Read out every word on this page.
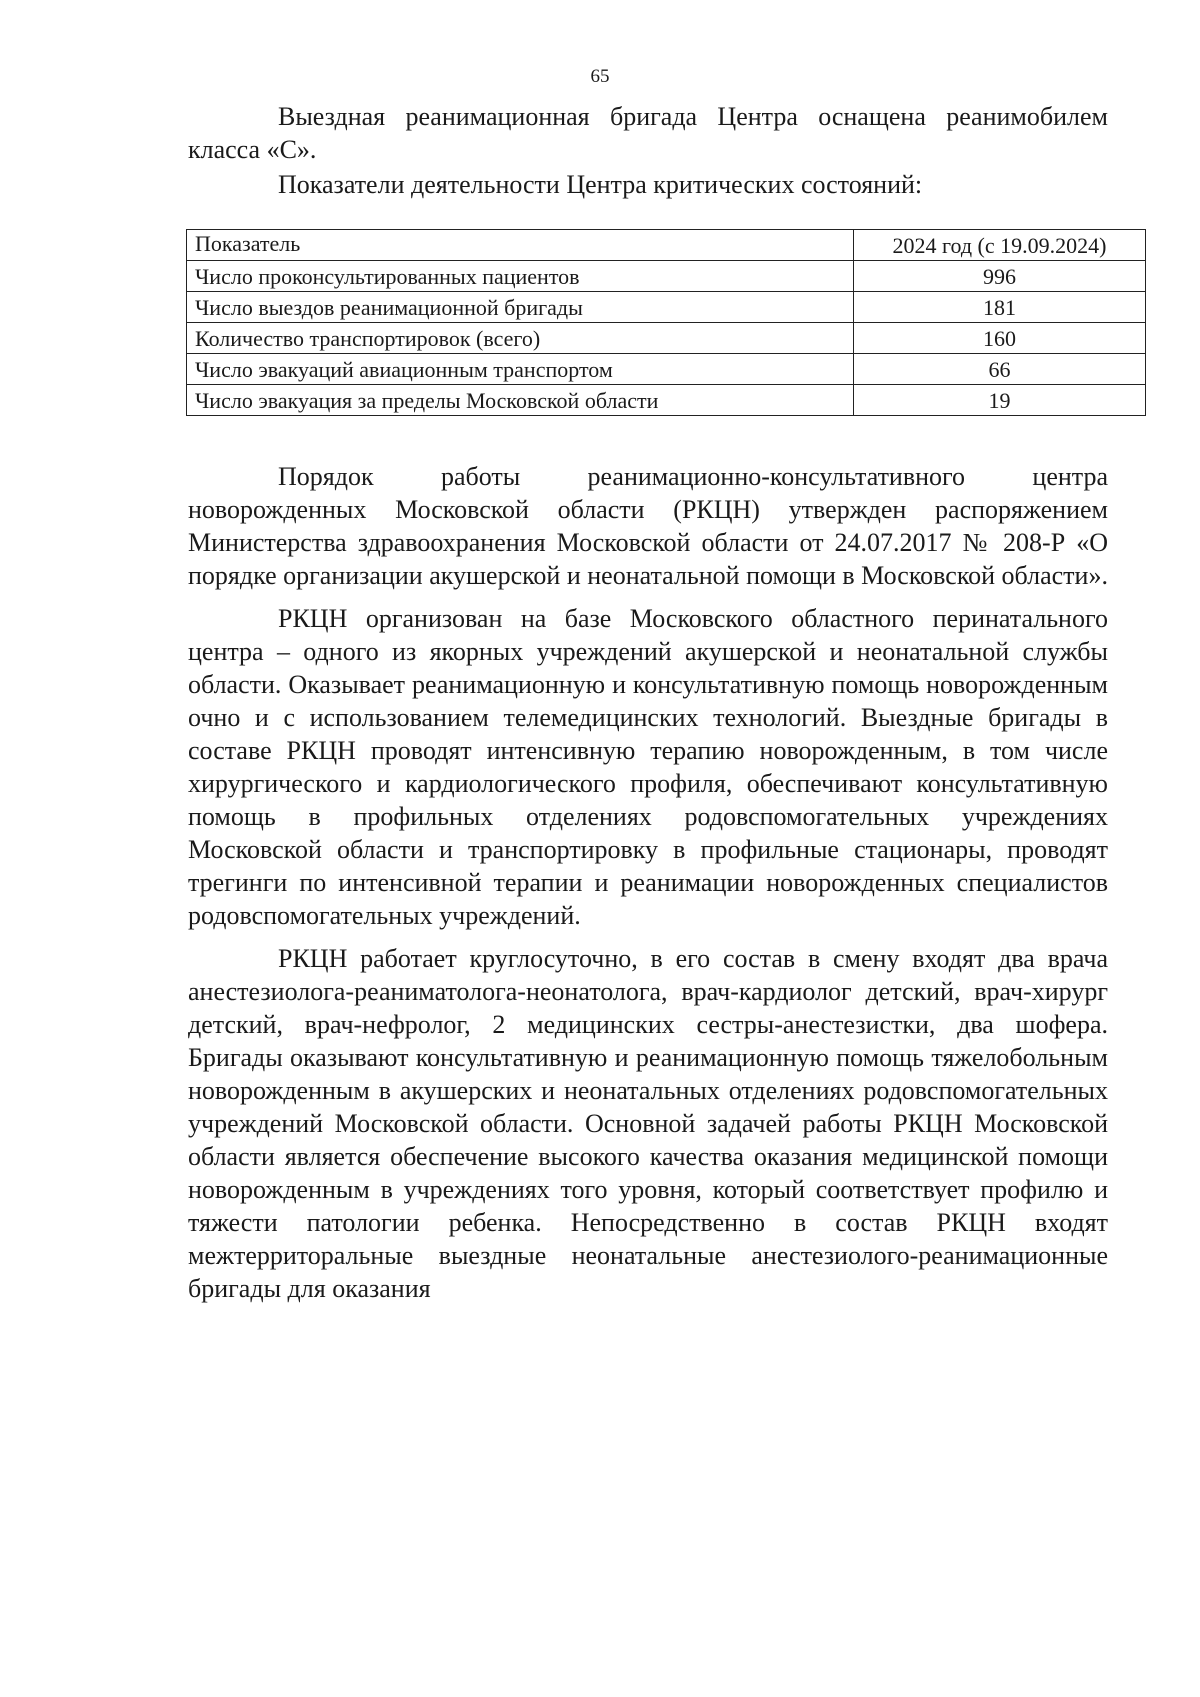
65

Выездная реанимационная бригада Центра оснащена реанимобилем класса «С».

Показатели деятельности Центра критических состояний:

Показатель	2024 год (с 19.09.2024)
Число проконсультированных пациентов	996
Число выездов реанимационной бригады	181
Количество транспортировок (всего)	160
Число эвакуаций авиационным транспортом	66
Число эвакуация за пределы Московской области	19

Порядок работы реанимационно-консультативного центра новорожденных Московской области (РКЦН) утвержден распоряжением Министерства здравоохранения Московской области от 24.07.2017 № 208-Р «О порядке организации акушерской и неонатальной помощи в Московской области».

РКЦН организован на базе Московского областного перинатального центра – одного из якорных учреждений акушерской и неонатальной службы области. Оказывает реанимационную и консультативную помощь новорожденным очно и с использованием телемедицинских технологий. Выездные бригады в составе РКЦН проводят интенсивную терапию новорожденным, в том числе хирургического и кардиологического профиля, обеспечивают консультативную помощь в профильных отделениях родовспомогательных учреждениях Московской области и транспортировку в профильные стационары, проводят трегинги по интенсивной терапии и реанимации новорожденных специалистов родовспомогательных учреждений.

РКЦН работает круглосуточно, в его состав в смену входят два врача анестезиолога-реаниматолога-неонатолога, врач-кардиолог детский, врач-хирург детский, врач-нефролог, 2 медицинских сестры-анестезистки, два шофера. Бригады оказывают консультативную и реанимационную помощь тяжелобольным новорожденным в акушерских и неонатальных отделениях родовспомогательных учреждений Московской области. Основной задачей работы РКЦН Московской области является обеспечение высокого качества оказания медицинской помощи новорожденным в учреждениях того уровня, который соответствует профилю и тяжести патологии ребенка. Непосредственно в состав РКЦН входят межтерриторальные выездные неонатальные анестезиолого-реанимационные бригады для оказания
